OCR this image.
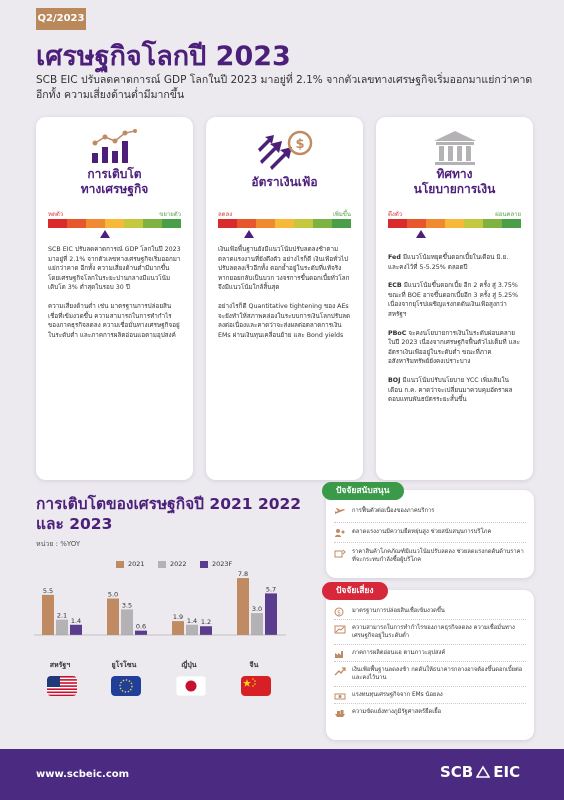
Q2/2023
เศรษฐกิจโลกปี 2023
SCB EIC ปรับลดคาดการณ์ GDP โลกในปี 2023 มาอยู่ที่ 2.1% จากตัวเลขทางเศรษฐกิจเริ่มออกมาแย่กว่าคาด อีกทั้ง ความเสี่ยงด้านต่ำมีมากขึ้น
การเติบโต
ทางเศรษฐกิจ
หดตัว	ขยายตัว

SCB EIC ปรับลดคาดการณ์ GDP โลกในปี 2023 มาอยู่ที่ 2.1% จากตัวเลขทางเศรษฐกิจเริ่มออกมาแย่กว่าคาด อีกทั้ง ความเสี่ยงด้านต่ำมีมากขึ้น โดยเศรษฐกิจโลกในระยะปานกลางมีแนวโน้มเติบโต 3% ต่ำสุดในรอบ 30 ปี

ความเสี่ยงด้านต่ำ เช่น มาตรฐานการปล่อยสินเชื่อที่เข้มงวดขึ้น ความสามารถในการทำกำไรของภาคธุรกิจลดลง ความเชื่อมั่นทางเศรษฐกิจอยู่ในระดับต่ำ และภาคการผลิตอ่อนแอตามอุปสงค์

$
อัตราเงินเฟ้อ
ลดลง	เพิ่มขึ้น

เงินเฟ้อพื้นฐานยังมีแนวโน้มปรับลดลงช้าตามตลาดแรงงานที่ยังตึงตัว อย่างไรก็ดี เงินเฟ้อทั่วไปปรับลดลงเร็วอีกทั้ง ตอกย้ำอยู่ในระดับที่แท้จริงหากยอยกลับเป็นบวก วงจรการขึ้นดอกเบี้ยทั่วโลกจึงมีแนวโน้มใกล้สิ้นสุด

อย่างไรก็ดี Quantitative tightening ของ AEs จะยังทำให้สภาพคล่องในระบบการเงินโลกปรับลดลงต่อเนื่องและคาดว่าจะส่งผลต่อตลาดการเงิน EMs ผ่านเงินทุนเคลื่อนย้าย และ Bond yields

ทิศทาง
นโยบายการเงิน
ตึงตัว	ผ่อนคลาย

Fed มีแนวโน้มหยุดขึ้นดอกเบี้ยในเดือน มิ.ย. และคงไว้ที่ 5-5.25% ตลอดปี

ECB มีแนวโน้มขึ้นดอกเบี้ย อีก 2 ครั้ง สู่ 3.75% ขณะที่ BOE อาจขึ้นดอกเบี้ยอีก 3 ครั้ง สู่ 5.25% เนื่องจากยุโรปเผชิญแรงกดดันเงินเฟ้อสูงกว่าสหรัฐฯ

PBoC จะคงนโยบายการเงินในระดับผ่อนคลายในปี 2023 เนื่องจากเศรษฐกิจฟื้นตัวไม่เต็มที่ และอัตราเงินเฟ้ออยู่ในระดับต่ำ ขณะที่ภาคอสังหาริมทรัพย์ยังคงเปราะบาง

BOJ มีแนวโน้มปรับนโยบาย YCC เพิ่มเติมในเดือน ก.ค. คาดว่าจะเปลี่ยนมาควบคุมอัตราผลตอบแทนพันธบัตรระยะสั้นขึ้น

การเติบโตของเศรษฐกิจปี 2021 2022 และ 2023
หน่วย : %YOY
2021	2022	2023F
5.5
2.1
1.4
5.0
3.5
0.6
1.9 1.4 1.2
7.8
3.0
5.7
สหรัฐฯ	ยูโรโซน	ญี่ปุ่น	จีน
ปัจจัยสนับสนุน
การฟื้นตัวต่อเนื่องของภาคบริการ
ตลาดแรงงานมีความยืดหยุ่นสูง ช่วยสนับสนุนการบริโภค
ราคาสินค้าโภคภัณฑ์มีแนวโน้มปรับลดลง ช่วยลดแรงกดดันด้านราคาที่จะกระทบกำลังซื้อผู้บริโภค
ปัจจัยเสี่ยง
$ มาตรฐานการปล่อยสินเชื่อเข้มงวดขึ้น
ความสามารถในการทำกำไรของภาคธุรกิจลดลง ความเชื่อมั่นทางเศรษฐกิจอยู่ในระดับต่ำ
ภาคการผลิตอ่อนแอ ตามภาวะอุปสงค์
เงินเฟ้อพื้นฐานลดลงช้า กดดันให้ธนาคารกลางอาจต้องขึ้นดอกเบี้ยต่อและคงไว้นาน
แรงทนทุนเศรษฐกิจจาก EMs น้อยลง
ความขัดแย้งทางภูมิรัฐศาสตร์ยืดเยื้อ
www.scbeic.com	SCB EIC
